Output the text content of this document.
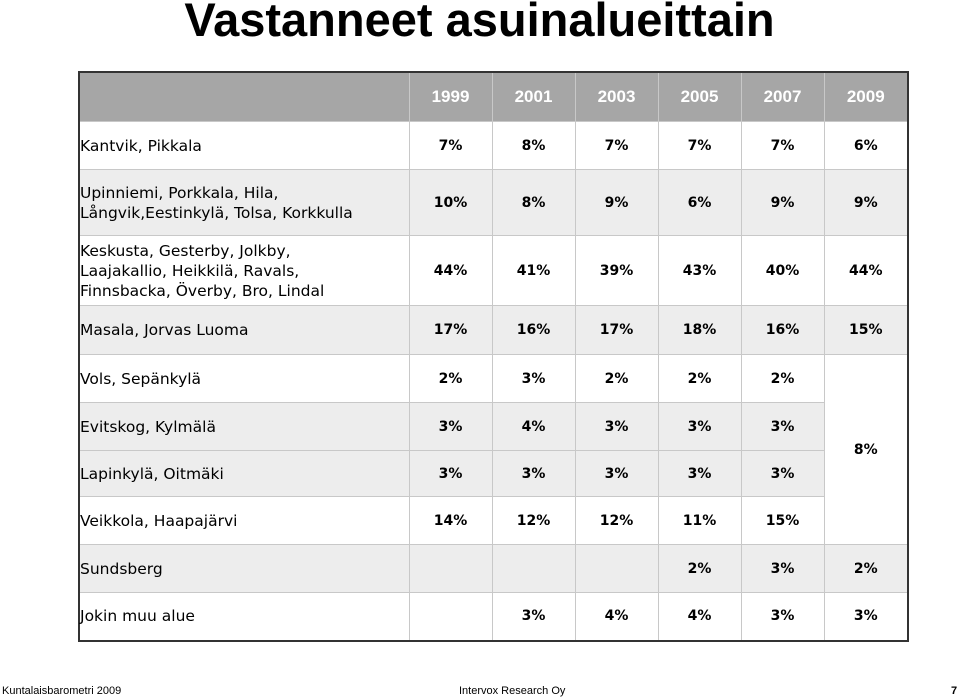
Vastanneet asuinalueittain
	1999	2001	2003	2005	2007	2009
Kantvik, Pikkala	7%	8%	7%	7%	7%	6%
Upinniemi, Porkkala, Hila,
Långvik,Eestinkylä, Tolsa, Korkkulla	10%	8%	9%	6%	9%	9%
Keskusta, Gesterby, Jolkby,
Laajakallio, Heikkilä, Ravals,
Finnsbacka, Överby, Bro, Lindal	44%	41%	39%	43%	40%	44%
Masala, Jorvas Luoma	17%	16%	17%	18%	16%	15%
Vols, Sepänkylä	2%	3%	2%	2%	2%	8%
Evitskog, Kylmälä	3%	4%	3%	3%	3%	
Lapinkylä, Oitmäki	3%	3%	3%	3%	3%	
Veikkola, Haapajärvi	14%	12%	12%	11%	15%	
Sundsberg				2%	3%	2%
Jokin muu alue		3%	4%	4%	3%	3%
Kuntalaisbarometri 2009	Intervox Research Oy	7
